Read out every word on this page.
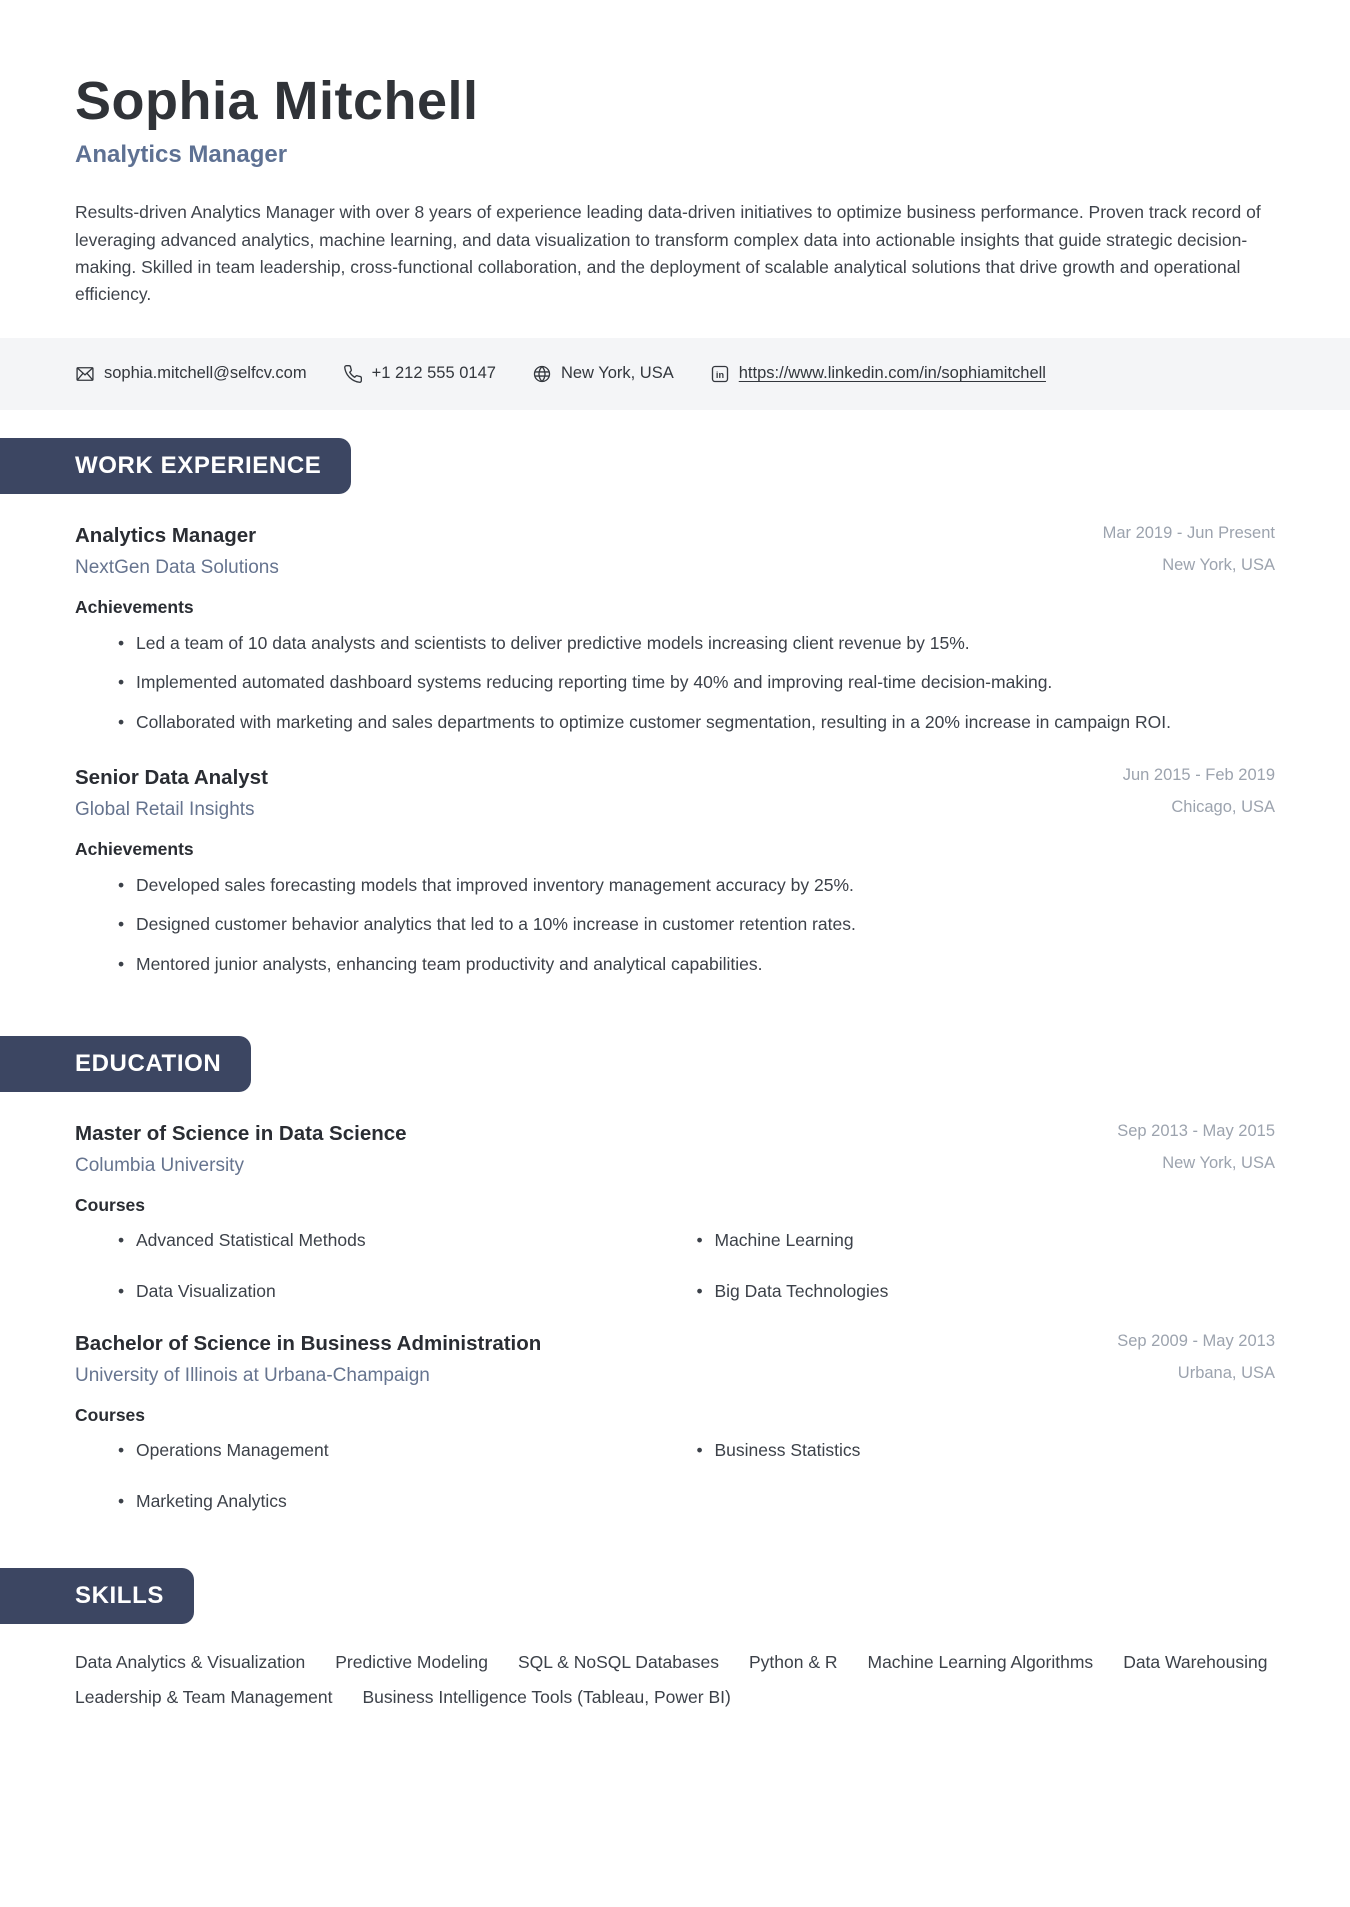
Sophia Mitchell
Analytics Manager
Results-driven Analytics Manager with over 8 years of experience leading data-driven initiatives to optimize business performance. Proven track record of leveraging advanced analytics, machine learning, and data visualization to transform complex data into actionable insights that guide strategic decision-making. Skilled in team leadership, cross-functional collaboration, and the deployment of scalable analytical solutions that drive growth and operational efficiency.
sophia.mitchell@selfcv.com	+1 212 555 0147	New York, USA	in https://www.linkedin.com/in/sophiamitchell
WORK EXPERIENCE
Analytics Manager
NextGen Data Solutions
Mar 2019 - Jun Present
New York, USA
Achievements
• Led a team of 10 data analysts and scientists to deliver predictive models increasing client revenue by 15%.
• Implemented automated dashboard systems reducing reporting time by 40% and improving real-time decision-making.
• Collaborated with marketing and sales departments to optimize customer segmentation, resulting in a 20% increase in campaign ROI.
Senior Data Analyst
Global Retail Insights
Jun 2015 - Feb 2019
Chicago, USA
Achievements
• Developed sales forecasting models that improved inventory management accuracy by 25%.
• Designed customer behavior analytics that led to a 10% increase in customer retention rates.
• Mentored junior analysts, enhancing team productivity and analytical capabilities.
EDUCATION
Master of Science in Data Science
Columbia University
Sep 2013 - May 2015
New York, USA
Courses
• Advanced Statistical Methods	• Machine Learning
• Data Visualization	• Big Data Technologies
Bachelor of Science in Business Administration
University of Illinois at Urbana-Champaign
Sep 2009 - May 2013
Urbana, USA
Courses
• Operations Management	• Business Statistics
• Marketing Analytics
SKILLS
Data Analytics & Visualization Predictive Modeling SQL & NoSQL Databases Python & R Machine Learning Algorithms Data Warehousing
Leadership & Team Management Business Intelligence Tools (Tableau, Power BI)
